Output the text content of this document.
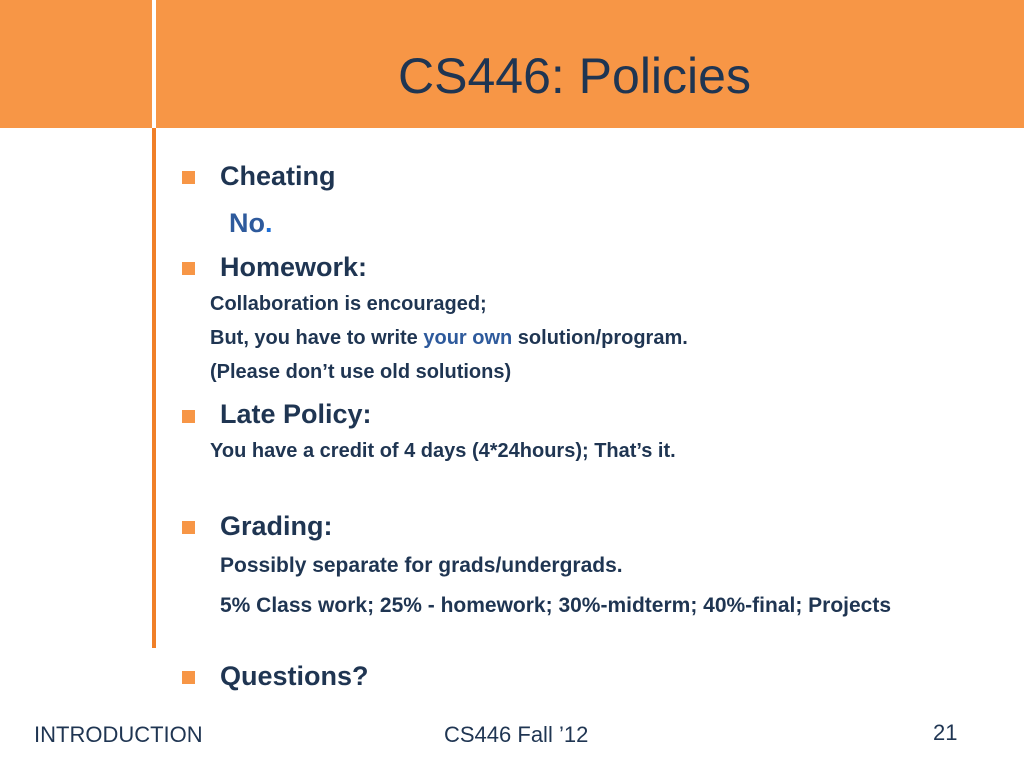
CS446: Policies
Cheating
No.
Homework:
Collaboration is encouraged;
But, you have to write your own solution/program.
(Please don’t use old solutions)
Late Policy:
You have a credit of 4 days (4*24hours); That’s it.
Grading:
Possibly separate for grads/undergrads.
5% Class work; 25% - homework; 30%-midterm; 40%-final; Projects
Questions?
INTRODUCTION	CS446 Fall ’12	21
